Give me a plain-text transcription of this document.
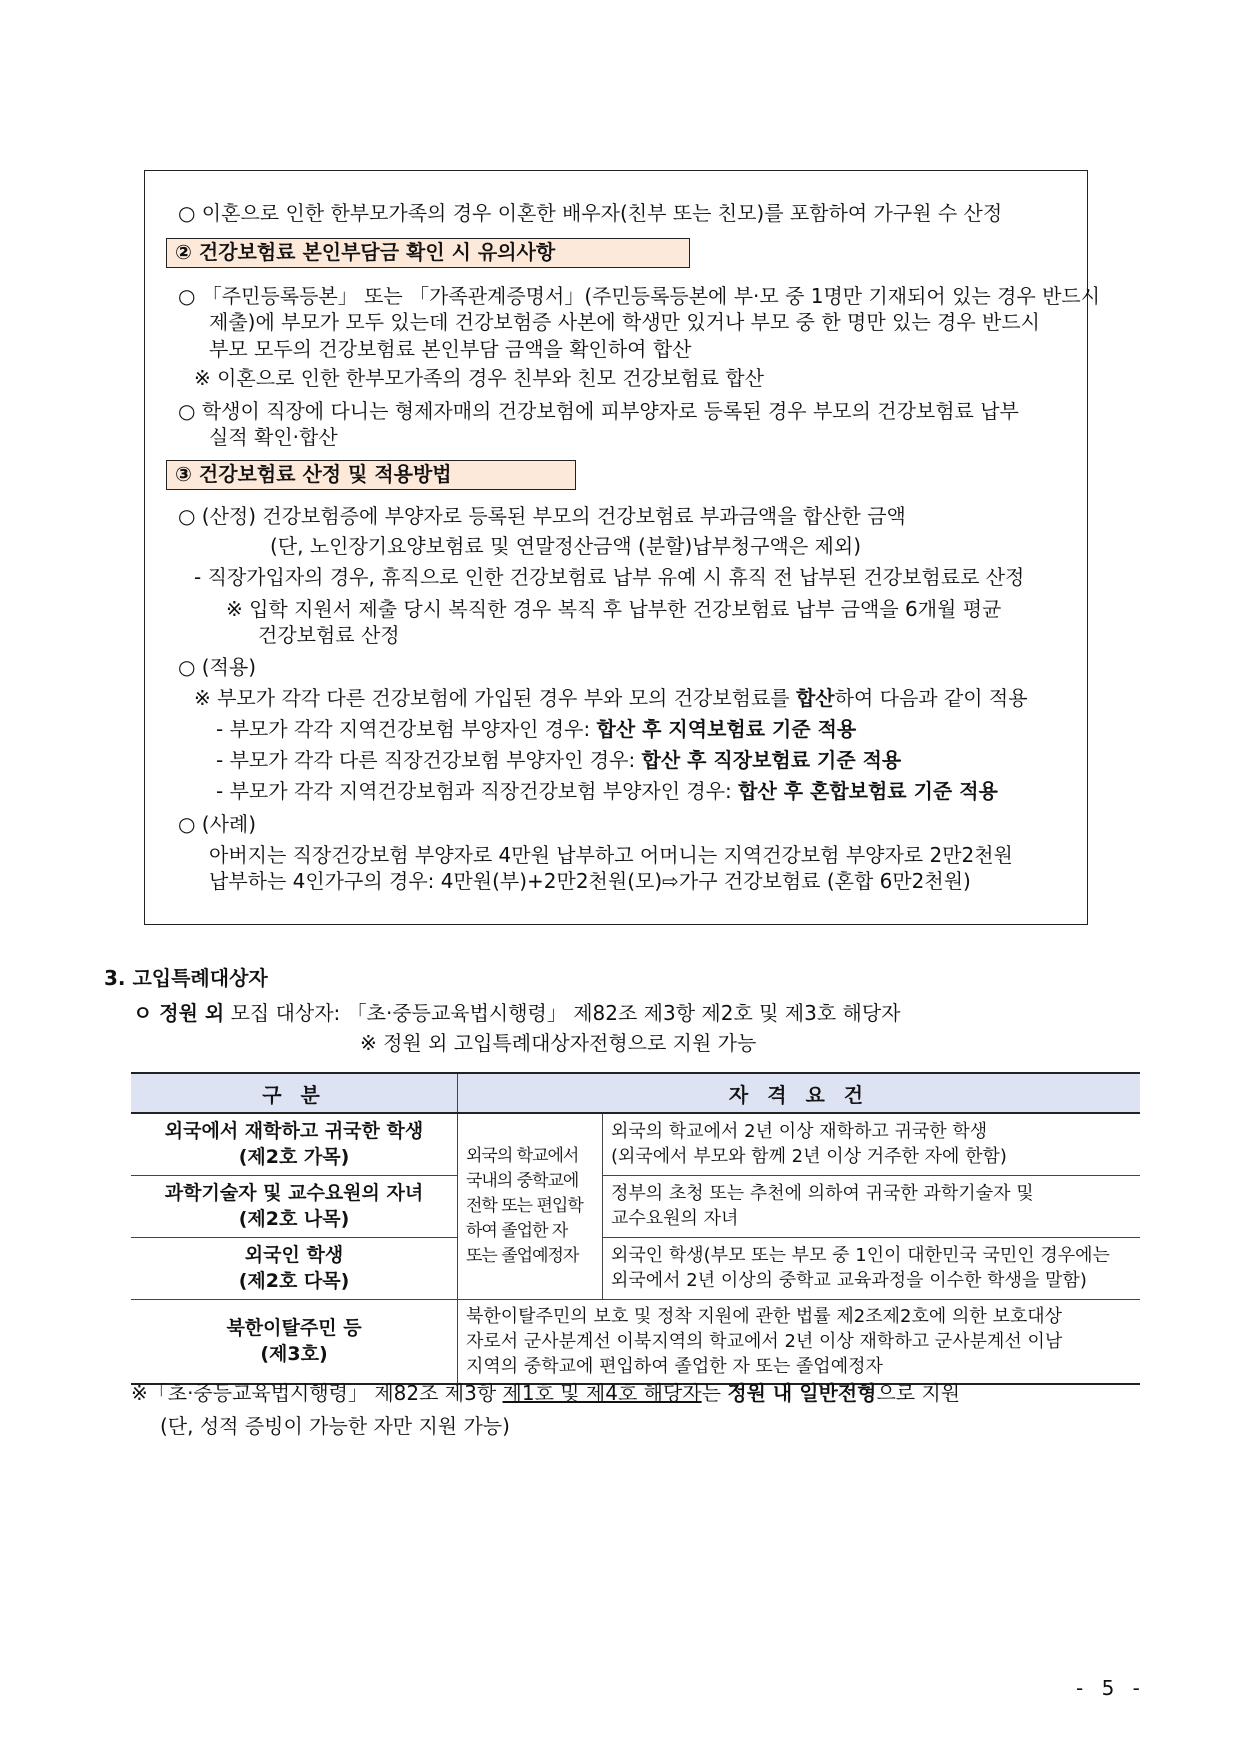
○ 이혼으로 인한 한부모가족의 경우 이혼한 배우자(친부 또는 친모)를 포함하여 가구원 수 산정
② 건강보험료 본인부담금 확인 시 유의사항
○ 「주민등록등본」 또는 「가족관계증명서」(주민등록등본에 부·모 중 1명만 기재되어 있는 경우 반드시
제출)에 부모가 모두 있는데 건강보험증 사본에 학생만 있거나 부모 중 한 명만 있는 경우 반드시
부모 모두의 건강보험료 본인부담 금액을 확인하여 합산
※ 이혼으로 인한 한부모가족의 경우 친부와 친모 건강보험료 합산
○ 학생이 직장에 다니는 형제자매의 건강보험에 피부양자로 등록된 경우 부모의 건강보험료 납부
실적 확인·합산
③ 건강보험료 산정 및 적용방법
○ (산정) 건강보험증에 부양자로 등록된 부모의 건강보험료 부과금액을 합산한 금액
(단, 노인장기요양보험료 및 연말정산금액 (분할)납부청구액은 제외)
- 직장가입자의 경우, 휴직으로 인한 건강보험료 납부 유예 시 휴직 전 납부된 건강보험료로 산정
※ 입학 지원서 제출 당시 복직한 경우 복직 후 납부한 건강보험료 납부 금액을 6개월 평균
건강보험료 산정
○ (적용)
※ 부모가 각각 다른 건강보험에 가입된 경우 부와 모의 건강보험료를 합산하여 다음과 같이 적용
- 부모가 각각 지역건강보험 부양자인 경우: 합산 후 지역보험료 기준 적용
- 부모가 각각 다른 직장건강보험 부양자인 경우: 합산 후 직장보험료 기준 적용
- 부모가 각각 지역건강보험과 직장건강보험 부양자인 경우: 합산 후 혼합보험료 기준 적용
○ (사례)
아버지는 직장건강보험 부양자로 4만원 납부하고 어머니는 지역건강보험 부양자로 2만2천원
납부하는 4인가구의 경우: 4만원(부)+2만2천원(모)⇨가구 건강보험료 (혼합 6만2천원)
3. 고입특례대상자
ㅇ 정원 외 모집 대상자: 「초·중등교육법시행령」 제82조 제3항 제2호 및 제3호 해당자
※ 정원 외 고입특례대상자전형으로 지원 가능
구 분	자 격 요 건	
외국에서 재학하고 귀국한 학생
(제2호 가목)	외국의 학교에서
국내의 중학교에
전학 또는 편입학
하여 졸업한 자
또는 졸업예정자	외국의 학교에서 2년 이상 재학하고 귀국한 학생
(외국에서 부모와 함께 2년 이상 거주한 자에 한함)
과학기술자 및 교수요원의 자녀
(제2호 나목)		정부의 초청 또는 추천에 의하여 귀국한 과학기술자 및
교수요원의 자녀
외국인 학생
(제2호 다목)		외국인 학생(부모 또는 부모 중 1인이 대한민국 국민인 경우에는
외국에서 2년 이상의 중학교 교육과정을 이수한 학생을 말함)
북한이탈주민 등
(제3호)	북한이탈주민의 보호 및 정착 지원에 관한 법률 제2조제2호에 의한 보호대상
자로서 군사분계선 이북지역의 학교에서 2년 이상 재학하고 군사분계선 이남
지역의 중학교에 편입하여 졸업한 자 또는 졸업예정자	
※「초·중등교육법시행령」 제82조 제3항 제1호 및 제4호 해당자는 정원 내 일반전형으로 지원
(단, 성적 증빙이 가능한 자만 지원 가능)
- 5 -
